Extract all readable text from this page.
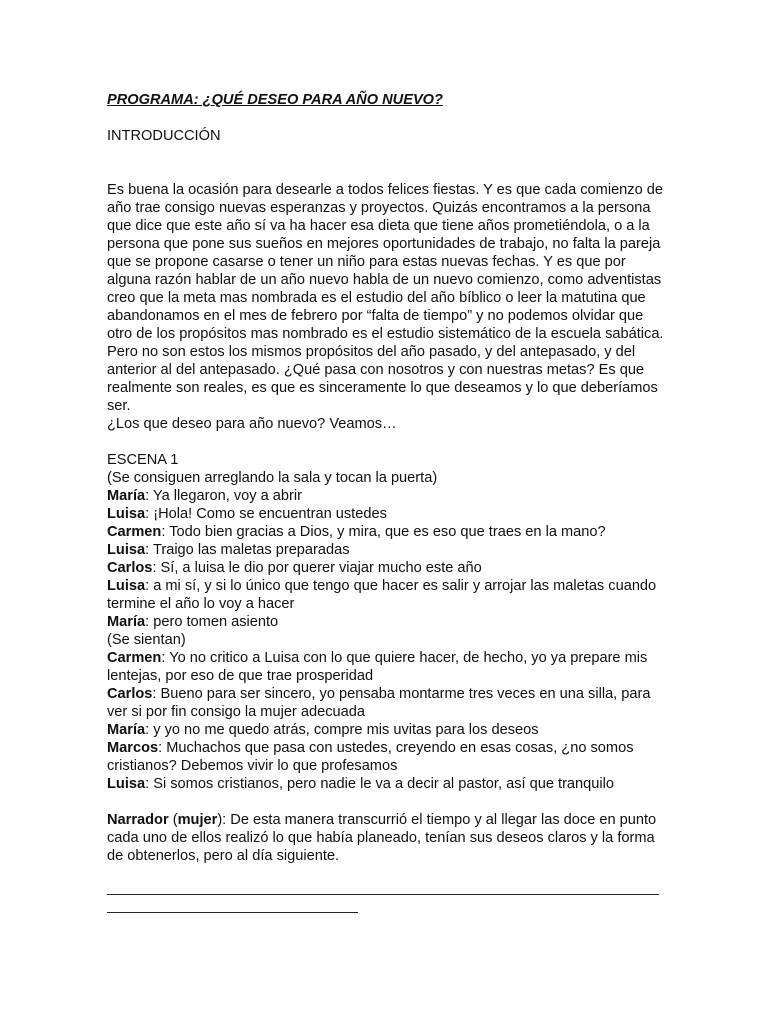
PROGRAMA: ¿QUÉ DESEO PARA AÑO NUEVO?

INTRODUCCIÓN

Es buena la ocasión para desearle a todos felices fiestas. Y es que cada comienzo de año trae consigo nuevas esperanzas y proyectos. Quizás encontramos a la persona que dice que este año sí va ha hacer esa dieta que tiene años prometiéndola, o a la persona que pone sus sueños en mejores oportunidades de trabajo, no falta la pareja que se propone casarse o tener un niño para estas nuevas fechas. Y es que por alguna razón hablar de un año nuevo habla de un nuevo comienzo, como adventistas creo que la meta mas nombrada es el estudio del año bíblico o leer la matutina que abandonamos en el mes de febrero por “falta de tiempo” y no podemos olvidar que otro de los propósitos mas nombrado es el estudio sistemático de la escuela sabática. Pero no son estos los mismos propósitos del año pasado, y del antepasado, y del anterior al del antepasado. ¿Qué pasa con nosotros y con nuestras metas? Es que realmente son reales, es que es sinceramente lo que deseamos y lo que deberíamos ser.

¿Los que deseo para año nuevo? Veamos…

ESCENA 1

(Se consiguen arreglando la sala y tocan la puerta)

María: Ya llegaron, voy a abrir

Luisa: ¡Hola! Como se encuentran ustedes

Carmen: Todo bien gracias a Dios, y mira, que es eso que traes en la mano?

Luisa: Traigo las maletas preparadas

Carlos: Sí, a luisa le dio por querer viajar mucho este año

Luisa: a mi sí, y si lo único que tengo que hacer es salir y arrojar las maletas cuando termine el año lo voy a hacer

María: pero tomen asiento

(Se sientan)

Carmen: Yo no critico a Luisa con lo que quiere hacer, de hecho, yo ya prepare mis lentejas, por eso de que trae prosperidad

Carlos: Bueno para ser sincero, yo pensaba montarme tres veces en una silla, para ver si por fin consigo la mujer adecuada

María: y yo no me quedo atrás, compre mis uvitas para los deseos

Marcos: Muchachos que pasa con ustedes, creyendo en esas cosas, ¿no somos cristianos? Debemos vivir lo que profesamos

Luisa: Si somos cristianos, pero nadie le va a decir al pastor, así que tranquilo

Narrador (mujer): De esta manera transcurrió el tiempo y al llegar las doce en punto cada uno de ellos realizó lo que había planeado, tenían sus deseos claros y la forma de obtenerlos, pero al día siguiente.
